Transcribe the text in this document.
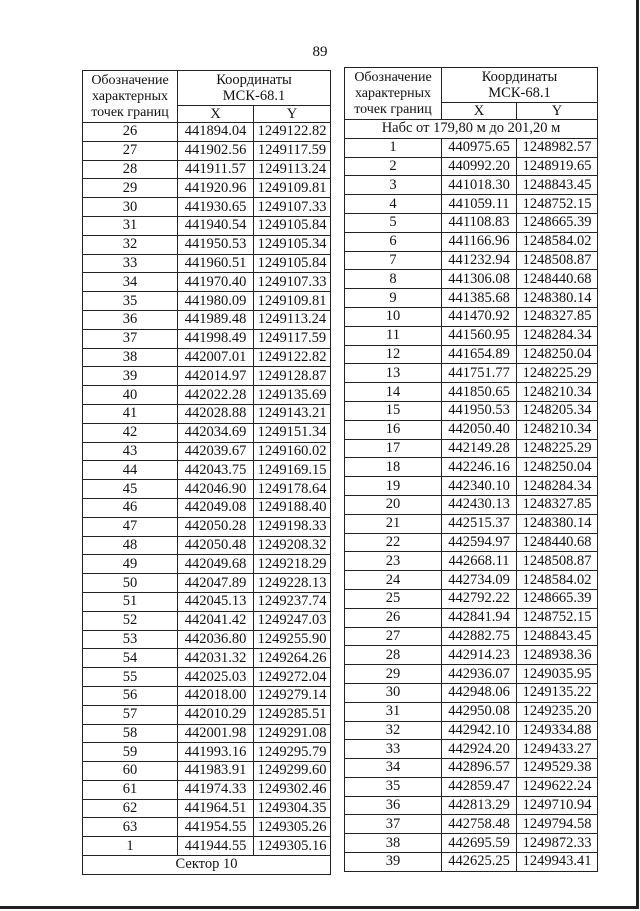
89
Обозначение характерных точек границ	Координаты
МСК-68.1	
	X	Y
26	441894.04	1249122.82
27	441902.56	1249117.59
28	441911.57	1249113.24
29	441920.96	1249109.81
30	441930.65	1249107.33
31	441940.54	1249105.84
32	441950.53	1249105.34
33	441960.51	1249105.84
34	441970.40	1249107.33
35	441980.09	1249109.81
36	441989.48	1249113.24
37	441998.49	1249117.59
38	442007.01	1249122.82
39	442014.97	1249128.87
40	442022.28	1249135.69
41	442028.88	1249143.21
42	442034.69	1249151.34
43	442039.67	1249160.02
44	442043.75	1249169.15
45	442046.90	1249178.64
46	442049.08	1249188.40
47	442050.28	1249198.33
48	442050.48	1249208.32
49	442049.68	1249218.29
50	442047.89	1249228.13
51	442045.13	1249237.74
52	442041.42	1249247.03
53	442036.80	1249255.90
54	442031.32	1249264.26
55	442025.03	1249272.04
56	442018.00	1249279.14
57	442010.29	1249285.51
58	442001.98	1249291.08
59	441993.16	1249295.79
60	441983.91	1249299.60
61	441974.33	1249302.46
62	441964.51	1249304.35
63	441954.55	1249305.26
1	441944.55	1249305.16
Сектор 10		
Обозначение характерных точек границ	Координаты
МСК-68.1	
	X	Y
Набс от 179,80 м до 201,20 м		
1	440975.65	1248982.57
2	440992.20	1248919.65
3	441018.30	1248843.45
4	441059.11	1248752.15
5	441108.83	1248665.39
6	441166.96	1248584.02
7	441232.94	1248508.87
8	441306.08	1248440.68
9	441385.68	1248380.14
10	441470.92	1248327.85
11	441560.95	1248284.34
12	441654.89	1248250.04
13	441751.77	1248225.29
14	441850.65	1248210.34
15	441950.53	1248205.34
16	442050.40	1248210.34
17	442149.28	1248225.29
18	442246.16	1248250.04
19	442340.10	1248284.34
20	442430.13	1248327.85
21	442515.37	1248380.14
22	442594.97	1248440.68
23	442668.11	1248508.87
24	442734.09	1248584.02
25	442792.22	1248665.39
26	442841.94	1248752.15
27	442882.75	1248843.45
28	442914.23	1248938.36
29	442936.07	1249035.95
30	442948.06	1249135.22
31	442950.08	1249235.20
32	442942.10	1249334.88
33	442924.20	1249433.27
34	442896.57	1249529.38
35	442859.47	1249622.24
36	442813.29	1249710.94
37	442758.48	1249794.58
38	442695.59	1249872.33
39	442625.25	1249943.41
